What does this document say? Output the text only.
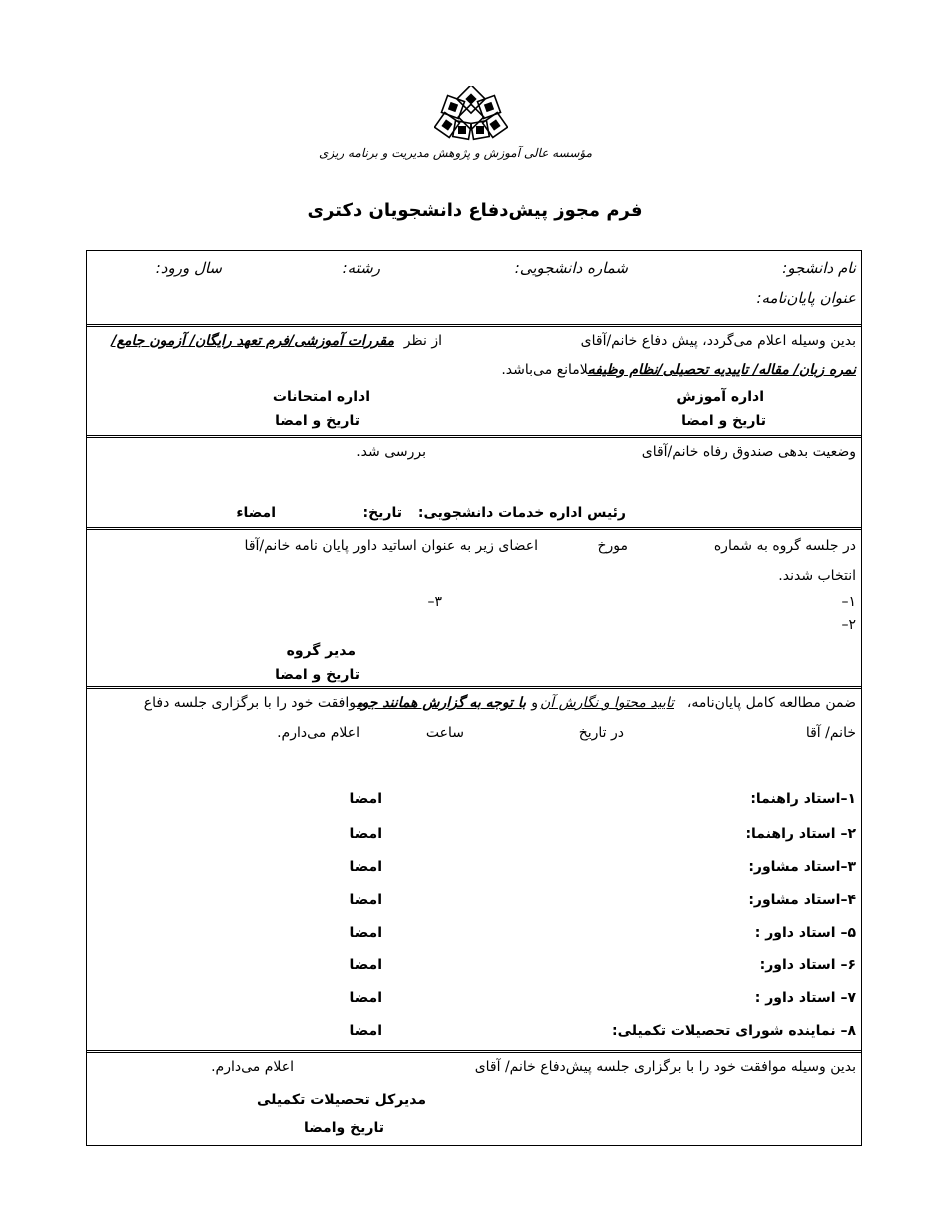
مؤسسه عالی آموزش و پژوهش مدیریت و برنامه ریزی
فرم مجوز پیش‌دفاع دانشجویان دکتری
نام دانشجو:
شماره دانشجویی:
رشته:
سال ورود:
عنوان پایان‌نامه:
بدین وسیله اعلام می‌گردد، پیش دفاع خانم/آقای
از نظر
مقررات آموزشی/فرم تعهد رایگان/ آزمون جامع/
نمره زبان/ مقاله/ تاییدیه تحصیلی/نظام وظیفه
بلامانع می‌باشد.
اداره آموزش
تاریخ و امضا
اداره امتحانات
تاریخ و امضا
وضعیت بدهی صندوق رفاه خانم/آقای
بررسی شد.
رئیس اداره خدمات دانشجویی:
تاریخ:
امضاء
در جلسه گروه به شماره
مورخ
اعضای زیر به عنوان اساتید داور پایان نامه خانم/آقا
انتخاب شدند.
۱–
۲–
۳–
مدیر گروه
تاریخ و امضا
ضمن مطالعه کامل پایان‌نامه،
تایید محتوا و نگارش آن
و
با توجه به گزارش همانند جو،
موافقت خود را با برگزاری جلسه دفاع
خانم/ آقا
در تاریخ
ساعت
اعلام می‌دارم.
۱–استاد راهنما:
امضا
۲– استاد راهنما:
امضا
۳–استاد مشاور:
امضا
۴–استاد مشاور:
امضا
۵– استاد داور :
امضا
۶– استاد داور:
امضا
۷– استاد داور :
امضا
۸– نماینده شورای تحصیلات تکمیلی:
امضا
بدین وسیله موافقت خود را با برگزاری جلسه پیش‌دفاع خانم/ آقای
اعلام می‌دارم.
مدیرکل تحصیلات تکمیلی
تاریخ وامضا
